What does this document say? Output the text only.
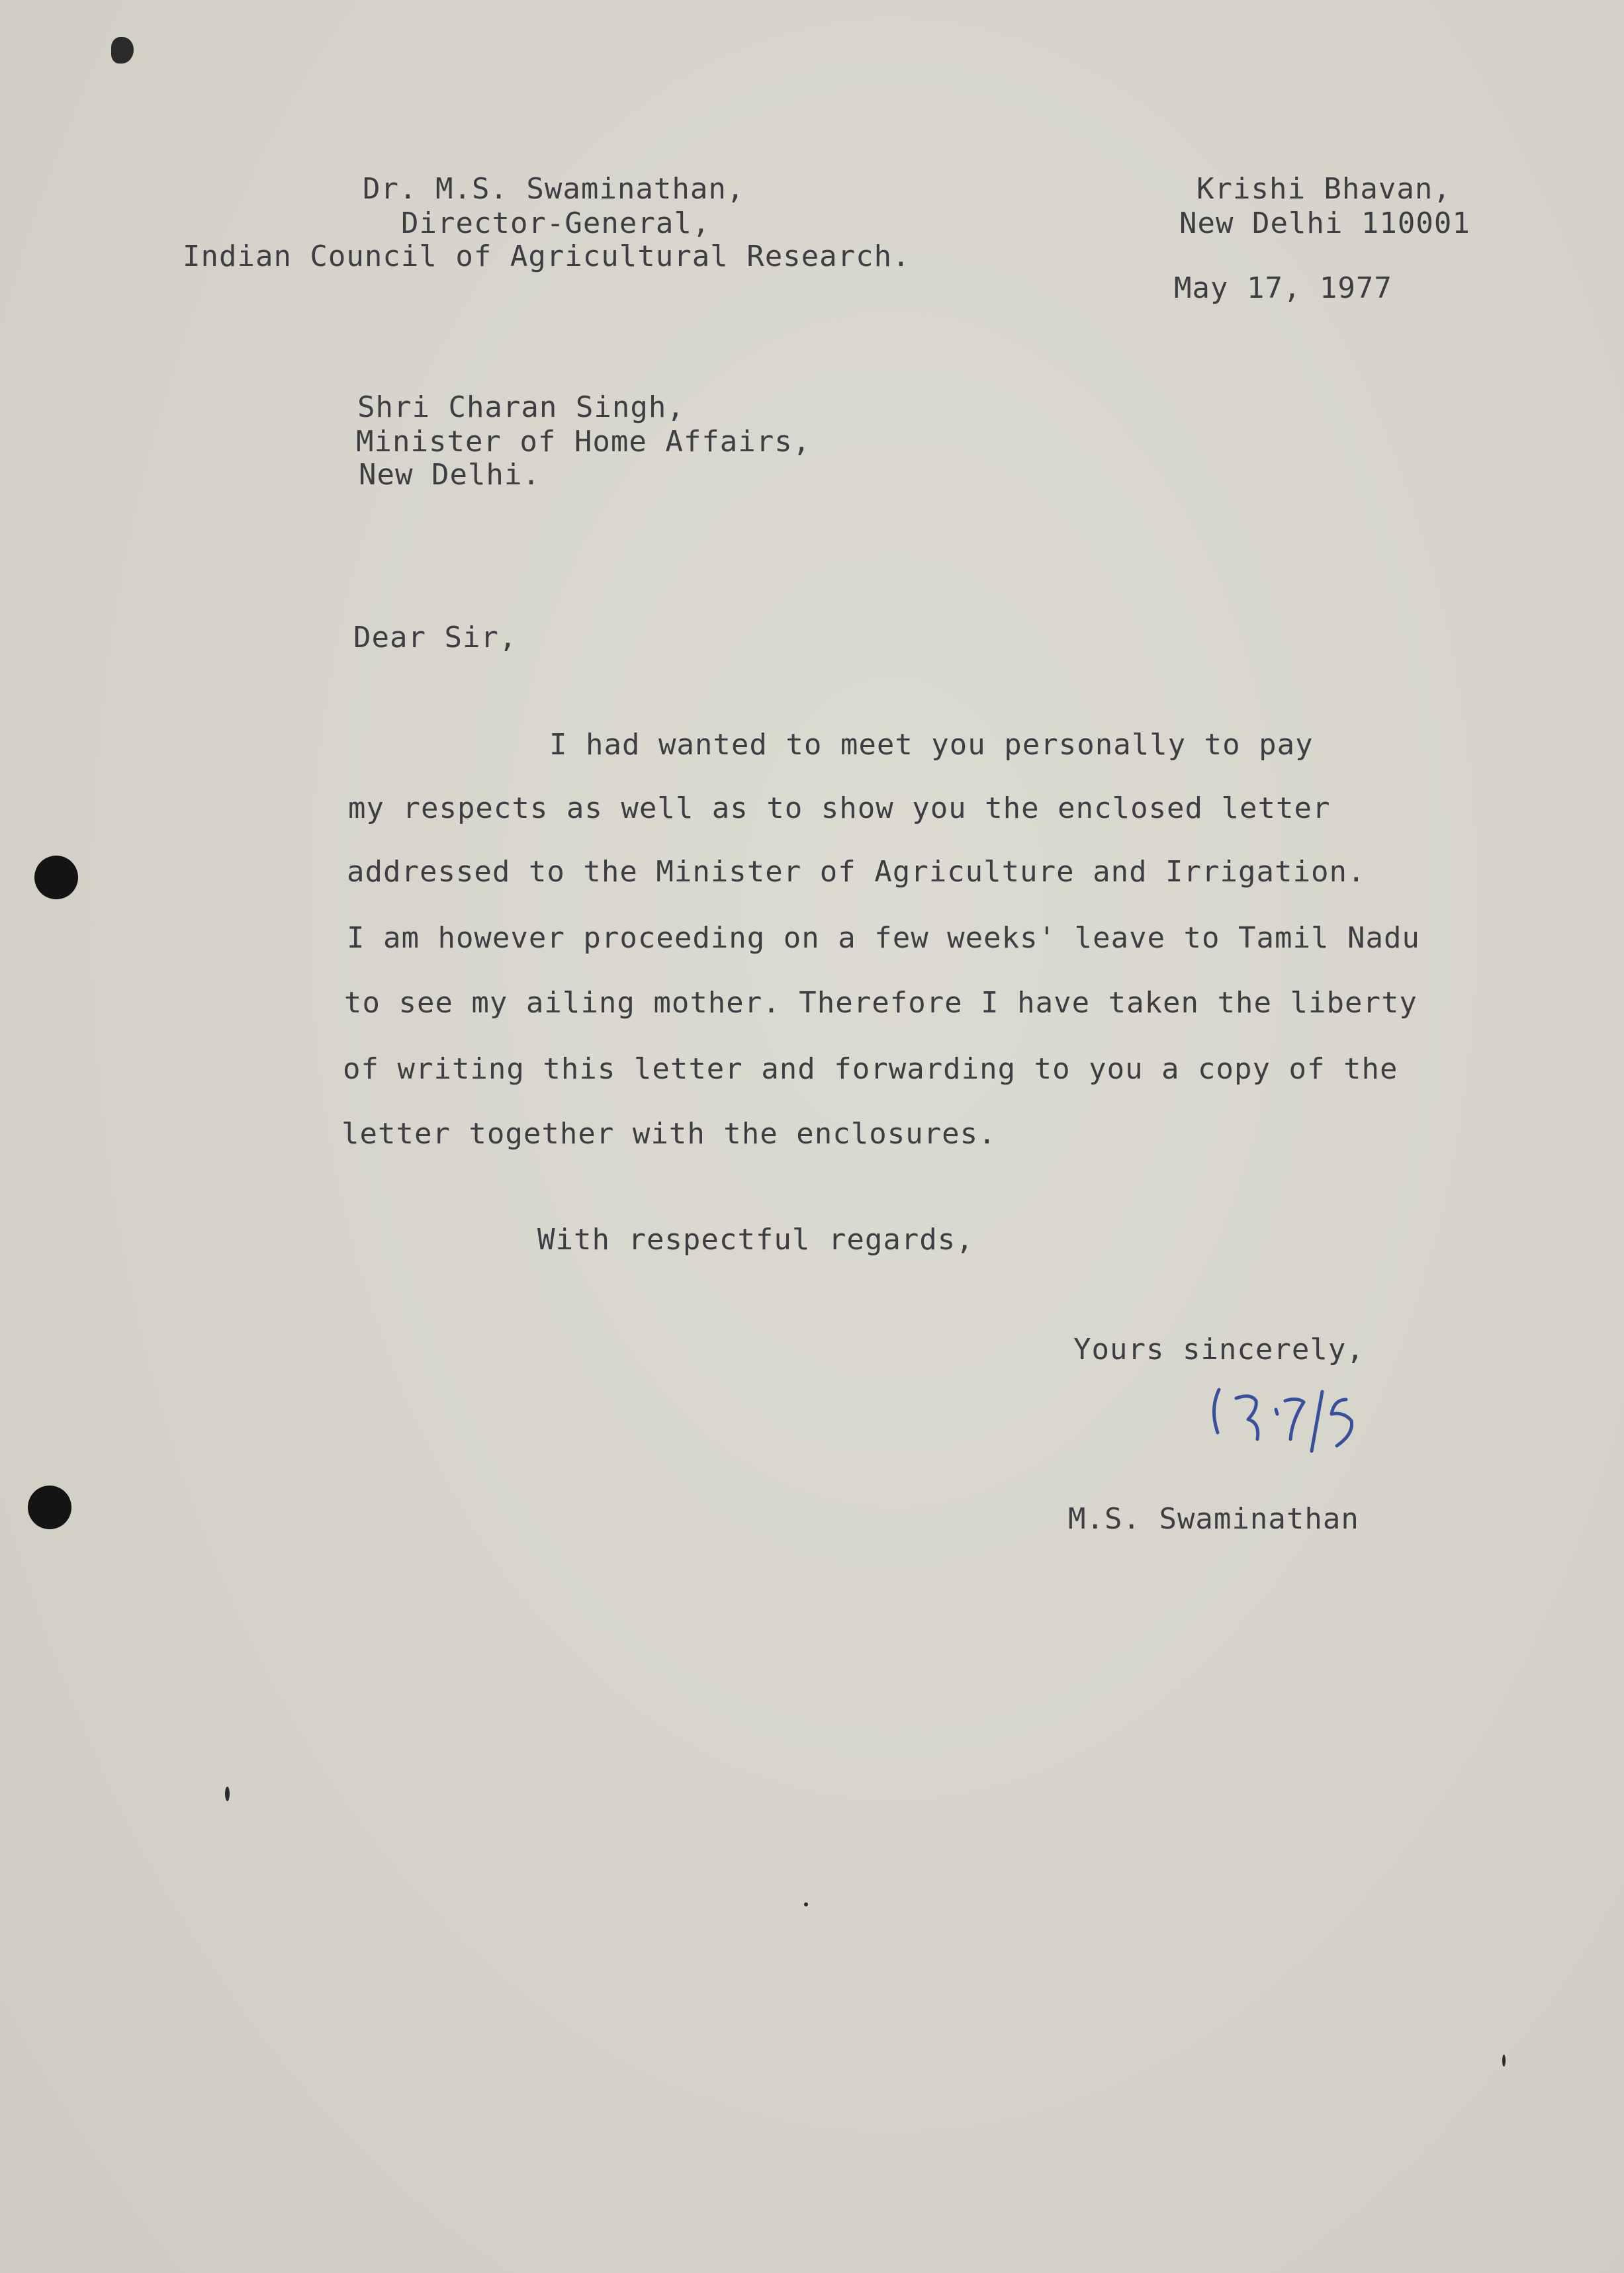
Dr. M.S. Swaminathan,
Director-General,
Indian Council of Agricultural Research.
Krishi Bhavan,
New Delhi 110001
May 17, 1977
Shri Charan Singh,
Minister of Home Affairs,
New Delhi.
Dear Sir,
I had wanted to meet you personally to pay
my respects as well as to show you the enclosed letter
addressed to the Minister of Agriculture and Irrigation.
I am however proceeding on a few weeks' leave to Tamil Nadu
to see my ailing mother. Therefore I have taken the liberty
of writing this letter and forwarding to you a copy of the
letter together with the enclosures.
With respectful regards,
Yours sincerely,
M.S. Swaminathan
